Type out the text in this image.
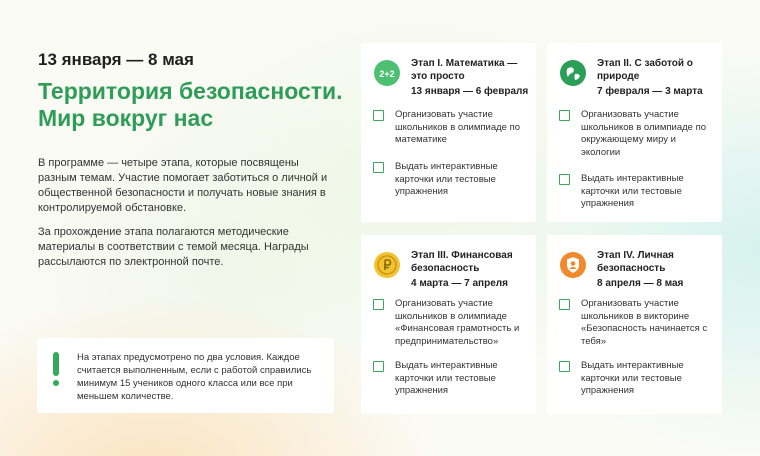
13 января — 8 мая
Территория безопасности.
Мир вокруг нас

В программе — четыре этапа, которые посвящены разным темам. Участие помогает заботиться о личной и общественной безопасности и получать новые знания в контролируемой обстановке.

За прохождение этапа полагаются методические материалы в соответствии с темой месяца. Награды рассылаются по электронной почте.

На этапах предусмотрено по два условия. Каждое считается выполненным, если с работой справились минимум 15 учеников одного класса или все при меньшем количестве.

2+2
Этап I. Математика — это просто
13 января — 6 февраля
Организовать участие школьников в олимпиаде по математике
Выдать интерактивные карточки или тестовые упражнения
Этап II. С заботой о природе
7 февраля — 3 марта
Организовать участие школьников в олимпиаде по окружающему миру и экологии
Выдать интерактивные карточки или тестовые упражнения
Этап III. Финансовая безопасность
4 марта — 7 апреля
Организовать участие школьников в олимпиаде «Финансовая грамотность и предпринимательство»
Выдать интерактивные карточки или тестовые упражнения
Этап IV. Личная безопасность
8 апреля — 8 мая
Организовать участие школьников в викторине «Безопасность начинается с тебя»
Выдать интерактивные карточки или тестовые упражнения
